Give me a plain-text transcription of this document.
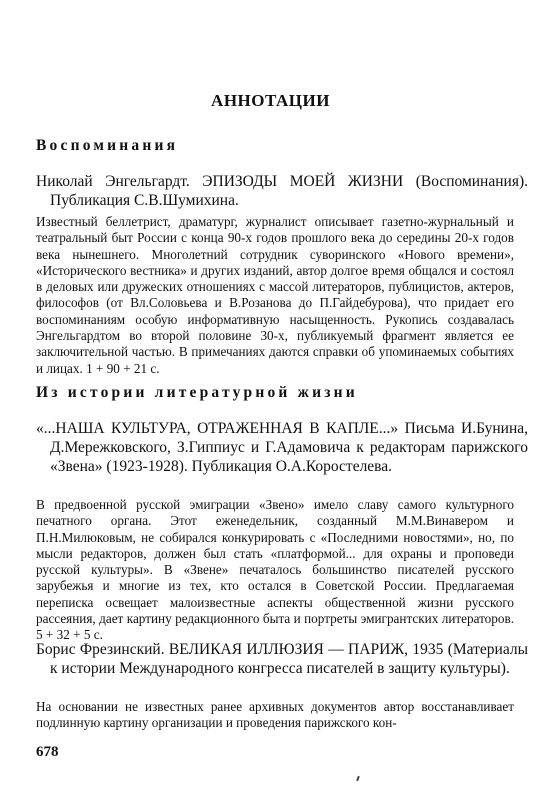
АННОТАЦИИ
Воспоминания

Николай Энгельгардт. ЭПИЗОДЫ МОЕЙ ЖИЗНИ (Воспоминания). Публикация С.В.Шумихина.

Известный беллетрист, драматург, журналист описывает газетно-журнальный и театральный быт России с конца 90-х годов прошлого века до середины 20-х годов века нынешнего. Многолетний сотрудник суворинского «Нового времени», «Исторического вестника» и других изданий, автор долгое время общался и состоял в деловых или дружеских отношениях с массой литераторов, публицистов, актеров, философов (от Вл.Соловьева и В.Розанова до П.Гайдебурова), что придает его воспоминаниям особую информативную насыщенность. Рукопись создавалась Энгельгардтом во второй половине 30-х, публикуемый фрагмент является ее заключительной частью. В примечаниях даются справки об упоминаемых событиях и лицах. 1 + 90 + 21 с.

Из истории литературной жизни

«...НАША КУЛЬТУРА, ОТРАЖЕННАЯ В КАПЛЕ...» Письма И.Бунина, Д.Мережковского, З.Гиппиус и Г.Адамовича к редакторам парижского «Звена» (1923-1928). Публикация О.А.Коростелева.

В предвоенной русской эмиграции «Звено» имело славу самого культурного печатного органа. Этот еженедельник, созданный М.М.Винавером и П.Н.Милюковым, не собирался конкурировать с «Последними новостями», но, по мысли редакторов, должен был стать «платформой... для охраны и проповеди русской культуры». В «Звене» печаталось большинство писателей русского зарубежья и многие из тех, кто остался в Советской России. Предлагаемая переписка освещает малоизвестные аспекты общественной жизни русского рассеяния, дает картину редакционного быта и портреты эмигрантских литераторов. 5 + 32 + 5 с.

Борис Фрезинский. ВЕЛИКАЯ ИЛЛЮЗИЯ — ПАРИЖ, 1935 (Материалы к истории Международного конгресса писателей в защиту культуры).

На основании не известных ранее архивных документов автор восстанавливает подлинную картину организации и проведения парижского кон-

678
